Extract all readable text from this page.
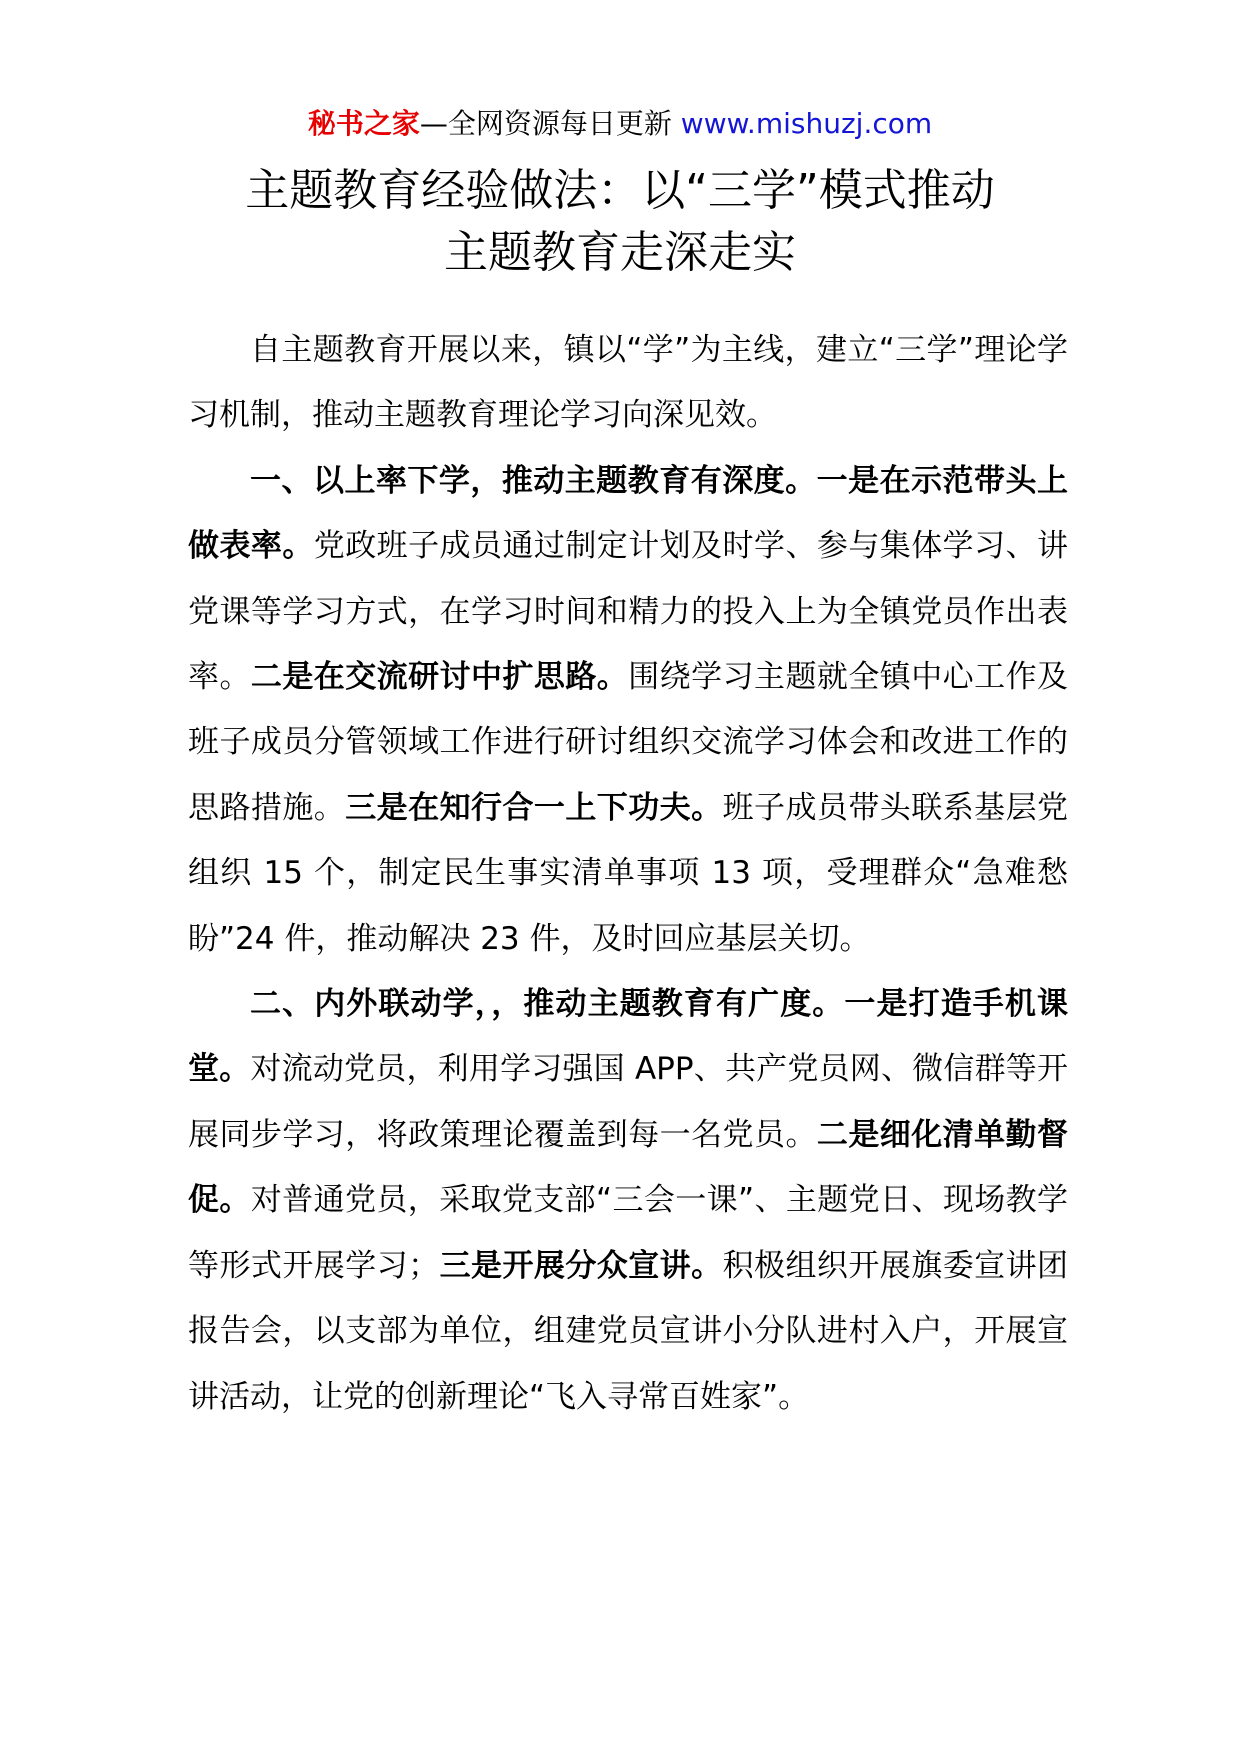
秘书之家—全网资源每日更新 www.mishuzj.com
主题教育经验做法：以“三学”模式推动
主题教育走深走实

自主题教育开展以来，镇以“学”为主线，建立“三学”理论学习机制，推动主题教育理论学习向深见效。

一、以上率下学，推动主题教育有深度。一是在示范带头上做表率。党政班子成员通过制定计划及时学、参与集体学习、讲党课等学习方式，在学习时间和精力的投入上为全镇党员作出表率。二是在交流研讨中扩思路。围绕学习主题就全镇中心工作及班子成员分管领域工作进行研讨组织交流学习体会和改进工作的思路措施。三是在知行合一上下功夫。班子成员带头联系基层党组织 15 个，制定民生事实清单事项 13 项，受理群众“急难愁盼”24 件，推动解决 23 件，及时回应基层关切。

二、内外联动学，，推动主题教育有广度。一是打造手机课堂。对流动党员，利用学习强国 APP、共产党员网、微信群等开展同步学习，将政策理论覆盖到每一名党员。二是细化清单勤督促。对普通党员，采取党支部“三会一课”、主题党日、现场教学等形式开展学习；三是开展分众宣讲。积极组织开展旗委宣讲团报告会，以支部为单位，组建党员宣讲小分队进村入户，开展宣讲活动，让党的创新理论“飞入寻常百姓家”。
